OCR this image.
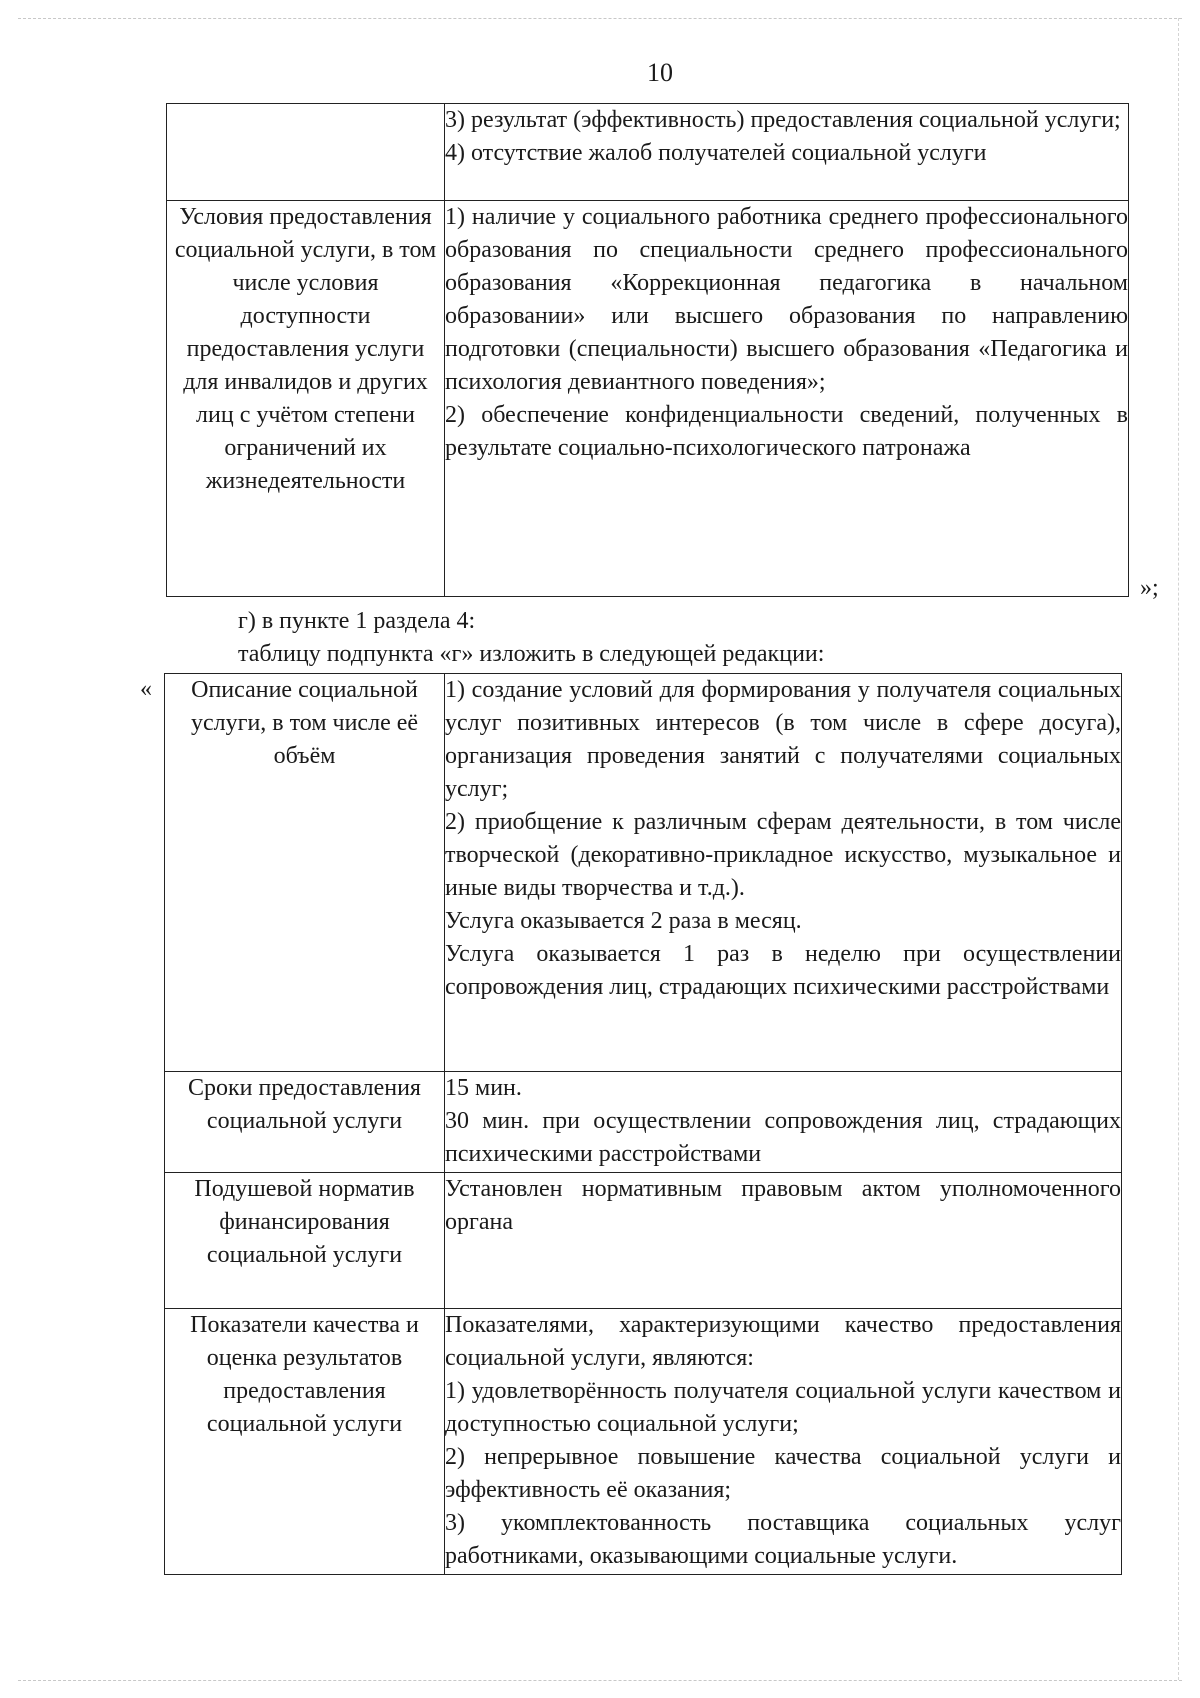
10

	3) результат (эффективность) предоставления социальной услуги;

4) отсутствие жалоб получателей социальной услуги

Условия предоставления социальной услуги, в том числе условия доступности предоставления услуги для инвалидов и других лиц с учётом степени ограничений их жизнедеятельности	1) наличие у социального работника среднего профессионального образования по специальности среднего профессионального образования «Коррекционная педагогика в начальном образовании» или высшего образования по направлению подготовки (специальности) высшего образования «Педагогика и психология девиантного поведения»;

2) обеспечение конфиденциальности сведений, полученных в результате социально-психологического патронажа

»;
г) в пункте 1 раздела 4:
таблицу подпункта «г» изложить в следующей редакции:
« Описание социальной услуги, в том числе её объём	1) создание условий для формирования у получателя социальных услуг позитивных интересов (в том числе в сфере досуга), организация проведения занятий с получателями социальных услуг;

2) приобщение к различным сферам деятельности, в том числе творческой (декоративно-прикладное искусство, музыкальное и иные виды творчества и т.д.).

Услуга оказывается 2 раза в месяц.

Услуга оказывается 1 раз в неделю при осуществлении сопровождения лиц, страдающих психическими расстройствами

Сроки предоставления социальной услуги	15 мин.

30 мин. при осуществлении сопровождения лиц, страдающих психическими расстройствами

Подушевой норматив финансирования социальной услуги	Установлен нормативным правовым актом уполномоченного органа

Показатели качества и оценка результатов предоставления социальной услуги	Показателями, характеризующими качество предоставления социальной услуги, являются:

1) удовлетворённость получателя социальной услуги качеством и доступностью социальной услуги;

2) непрерывное повышение качества социальной услуги и эффективность её оказания;

3) укомплектованность поставщика социальных услуг работниками, оказывающими социальные услуги.
